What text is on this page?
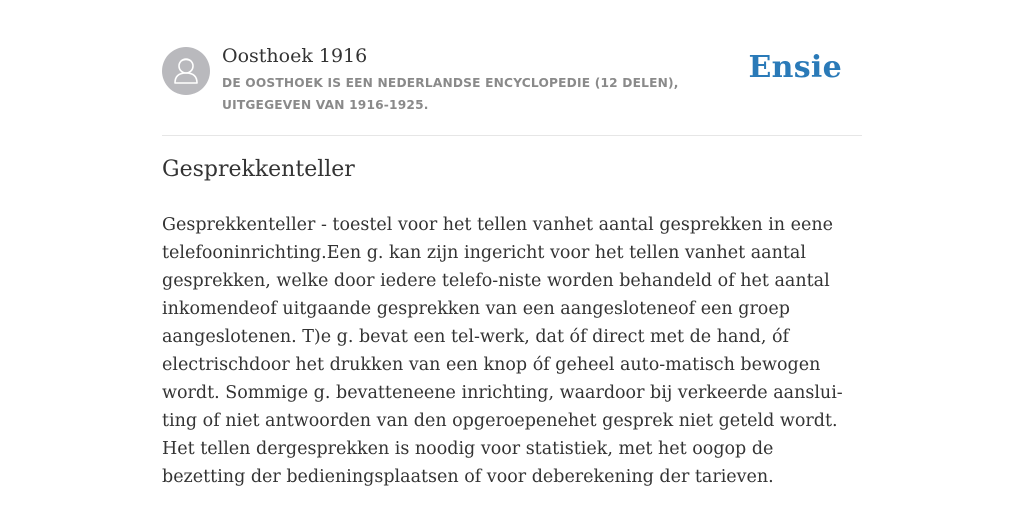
Oosthoek 1916
DE OOSTHOEK IS EEN NEDERLANDSE ENCYCLOPEDIE (12 DELEN), UITGEGEVEN VAN 1916-1925.
Ensie
Gesprekkenteller

Gesprekkenteller - toestel voor het tellen vanhet aantal gesprekken in eene telefooninrichting.Een g. kan zijn ingericht voor het tellen vanhet aantal gesprekken, welke door iedere telefo-niste worden behandeld of het aantal inkomendeof uitgaande gesprekken van een aangesloteneof een groep aangeslotenen. T)e g. bevat een tel-werk, dat óf direct met de hand, óf electrischdoor het drukken van een knop óf geheel auto-matisch bewogen wordt. Sommige g. bevatteneene inrichting, waardoor bij verkeerde aanslui-ting of niet antwoorden van den opgeroepenehet gesprek niet geteld wordt. Het tellen dergesprekken is noodig voor statistiek, met het oogop de bezetting der bedieningsplaatsen of voor deberekening der tarieven.
